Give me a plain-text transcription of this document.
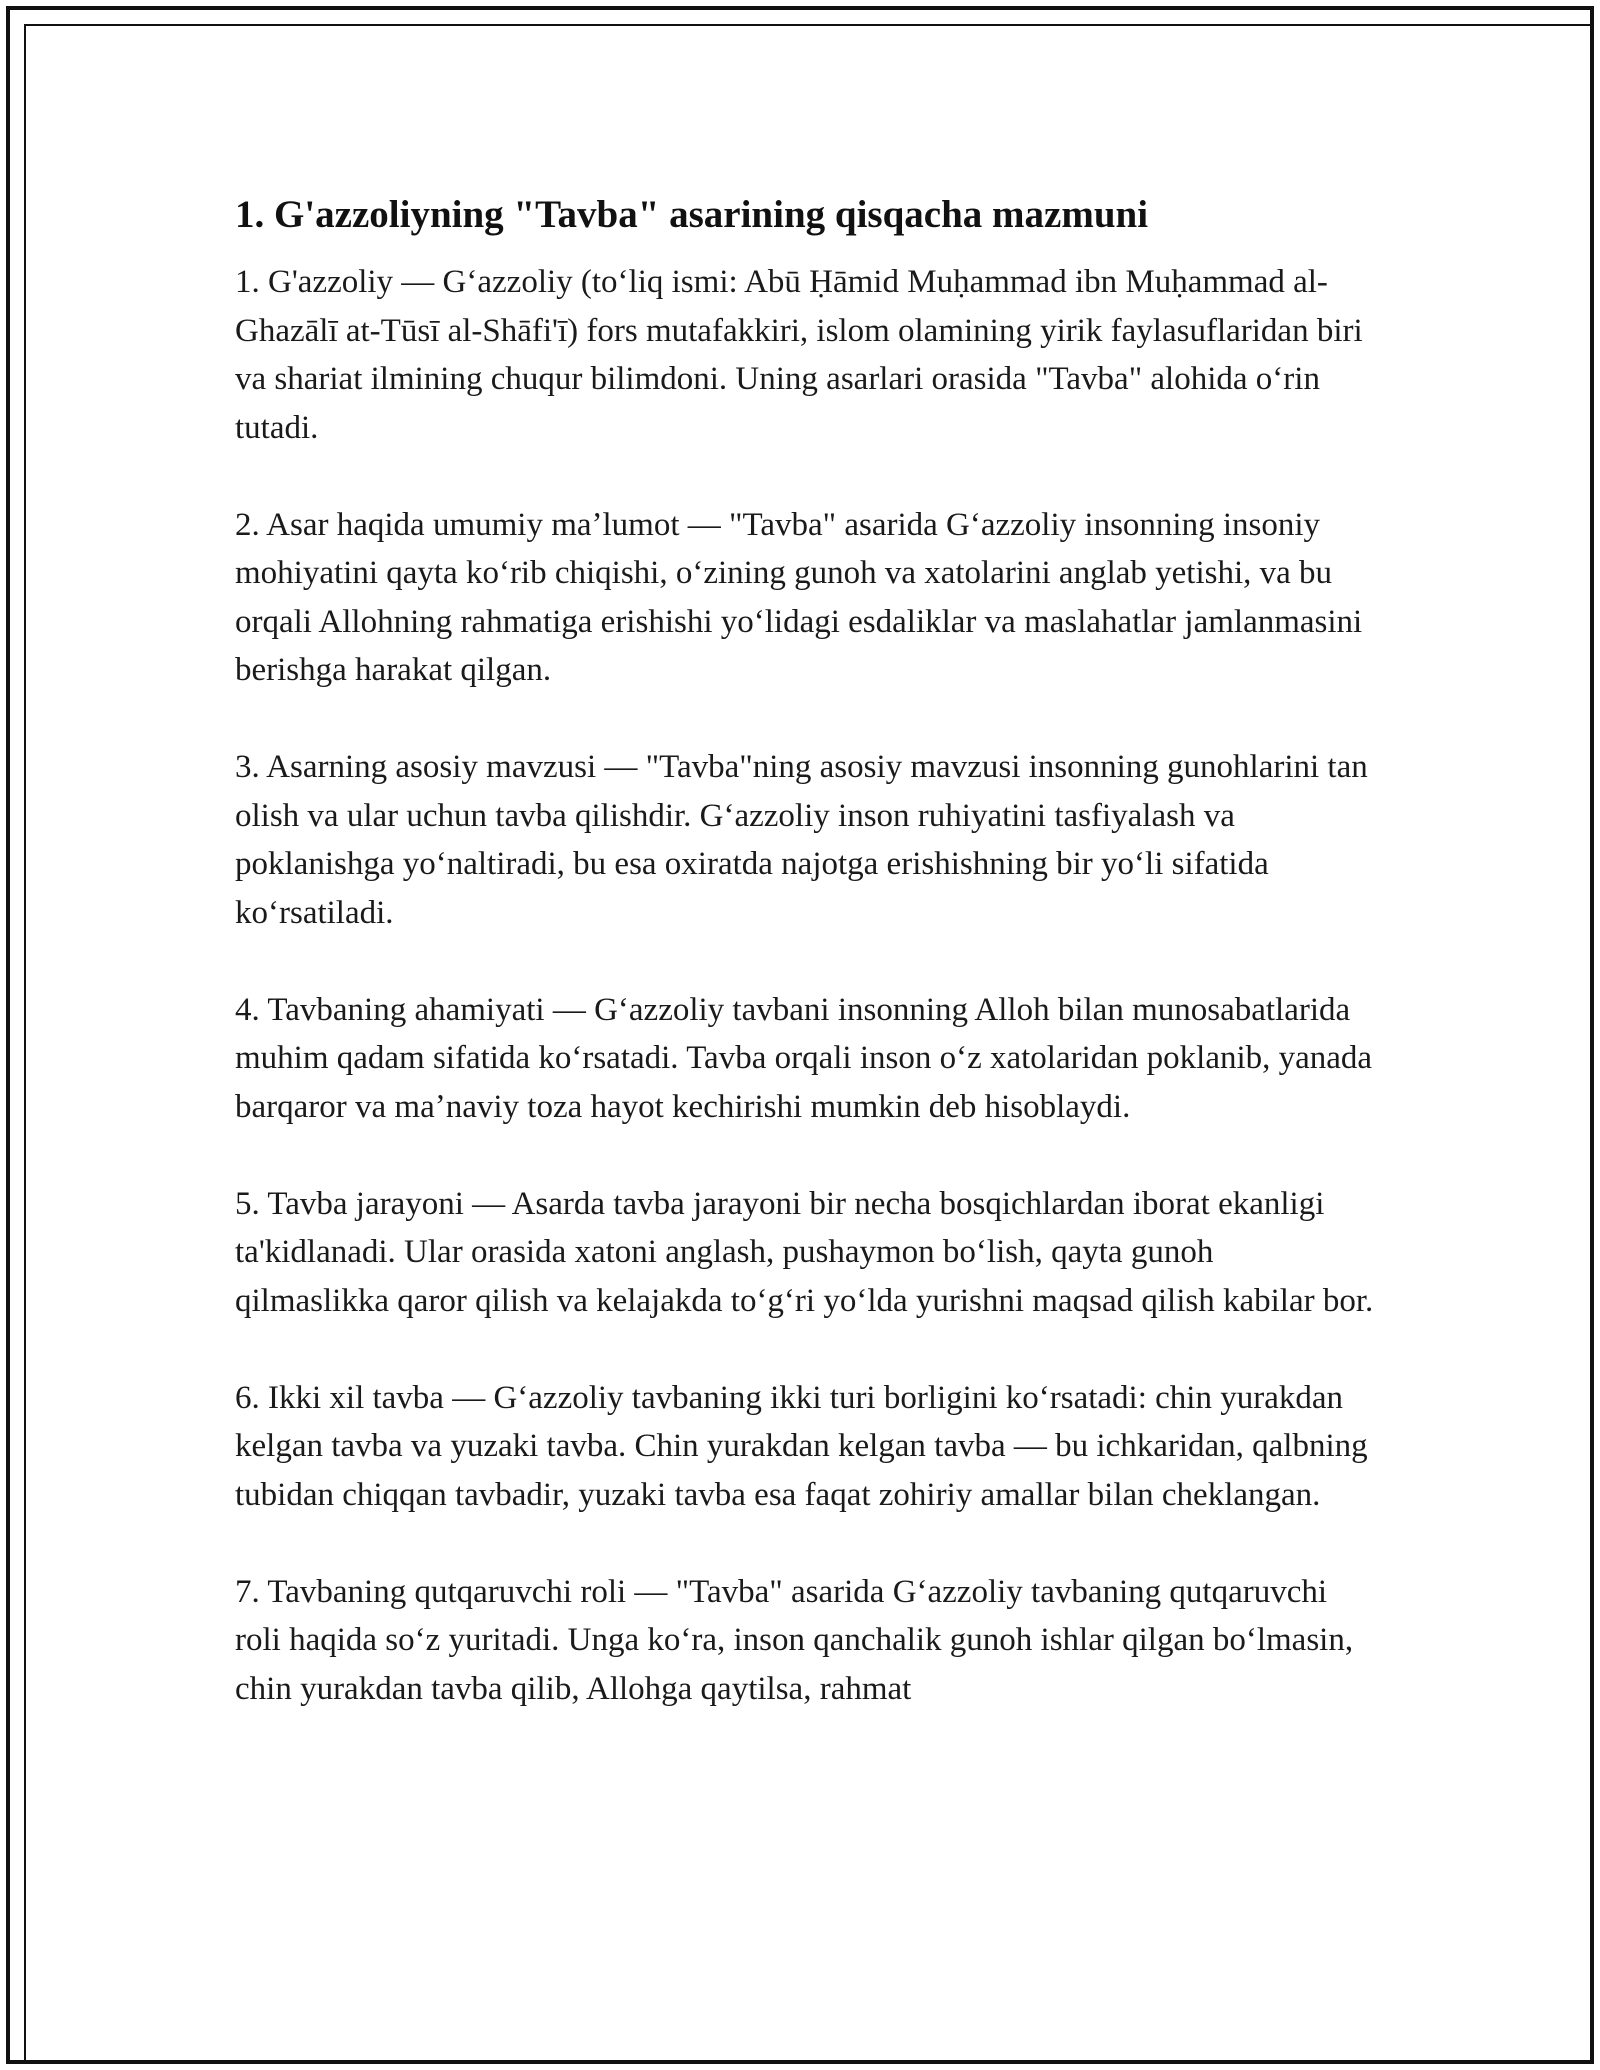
1. G'azzoliyning "Tavba" asarining qisqacha mazmuni

1. G'azzoliy — Gʻazzoliy (toʻliq ismi: Abū Ḥāmid Muḥammad ibn Muḥammad al-Ghazālī at-Tūsī al-Shāfi'ī) fors mutafakkiri, islom olamining yirik faylasuflaridan biri va shariat ilmining chuqur bilimdoni. Uning asarlari orasida "Tavba" alohida oʻrin tutadi.

2. Asar haqida umumiy maʼlumot — "Tavba" asarida Gʻazzoliy insonning insoniy mohiyatini qayta koʻrib chiqishi, oʻzining gunoh va xatolarini anglab yetishi, va bu orqali Allohning rahmatiga erishishi yoʻlidagi esdaliklar va maslahatlar jamlanmasini berishga harakat qilgan.

3. Asarning asosiy mavzusi — "Tavba"ning asosiy mavzusi insonning gunohlarini tan olish va ular uchun tavba qilishdir. Gʻazzoliy inson ruhiyatini tasfiyalash va poklanishga yoʻnaltiradi, bu esa oxiratda najotga erishishning bir yoʻli sifatida koʻrsatiladi.

4. Tavbaning ahamiyati — Gʻazzoliy tavbani insonning Alloh bilan munosabatlarida muhim qadam sifatida koʻrsatadi. Tavba orqali inson oʻz xatolaridan poklanib, yanada barqaror va maʼnaviy toza hayot kechirishi mumkin deb hisoblaydi.

5. Tavba jarayoni — Asarda tavba jarayoni bir necha bosqichlardan iborat ekanligi ta'kidlanadi. Ular orasida xatoni anglash, pushaymon boʻlish, qayta gunoh qilmaslikka qaror qilish va kelajakda toʻgʻri yoʻlda yurishni maqsad qilish kabilar bor.

6. Ikki xil tavba — Gʻazzoliy tavbaning ikki turi borligini koʻrsatadi: chin yurakdan kelgan tavba va yuzaki tavba. Chin yurakdan kelgan tavba — bu ichkaridan, qalbning tubidan chiqqan tavbadir, yuzaki tavba esa faqat zohiriy amallar bilan cheklangan.

7. Tavbaning qutqaruvchi roli — "Tavba" asarida Gʻazzoliy tavbaning qutqaruvchi roli haqida soʻz yuritadi. Unga koʻra, inson qanchalik gunoh ishlar qilgan boʻlmasin, chin yurakdan tavba qilib, Allohga qaytilsa, rahmat
